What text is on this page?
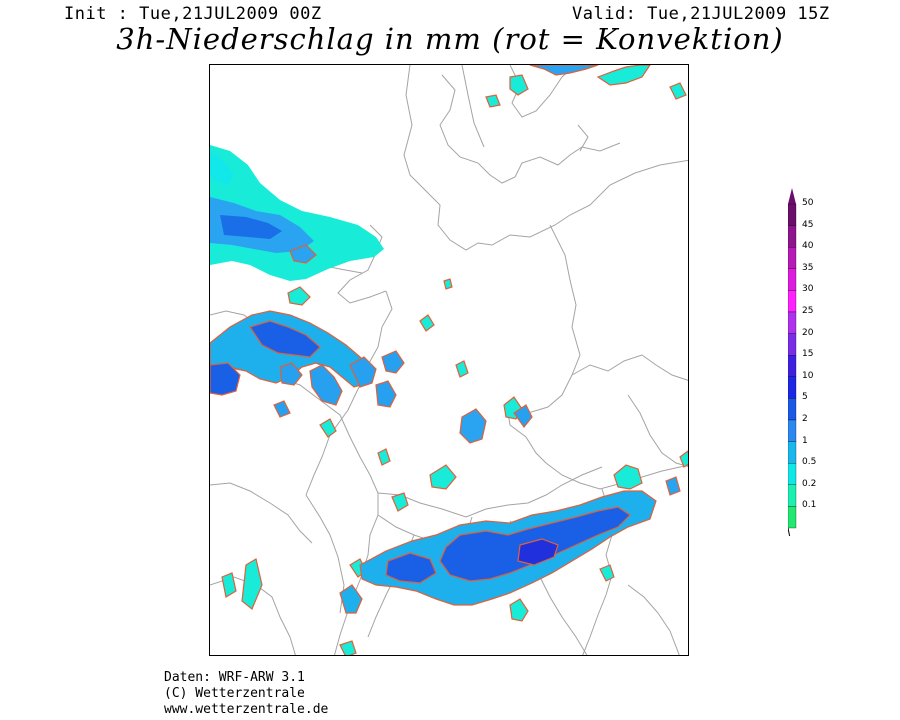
Init : Tue,21JUL2009 00Z	Valid: Tue,21JUL2009 15Z
3h-Niederschlag in mm (rot = Konvektion)
50
45
40
35
30
25
20
15
10
5
2
1
0.5
0.2
0.1
Daten: WRF-ARW 3.1
(C) Wetterzentrale
www.wetterzentrale.de
